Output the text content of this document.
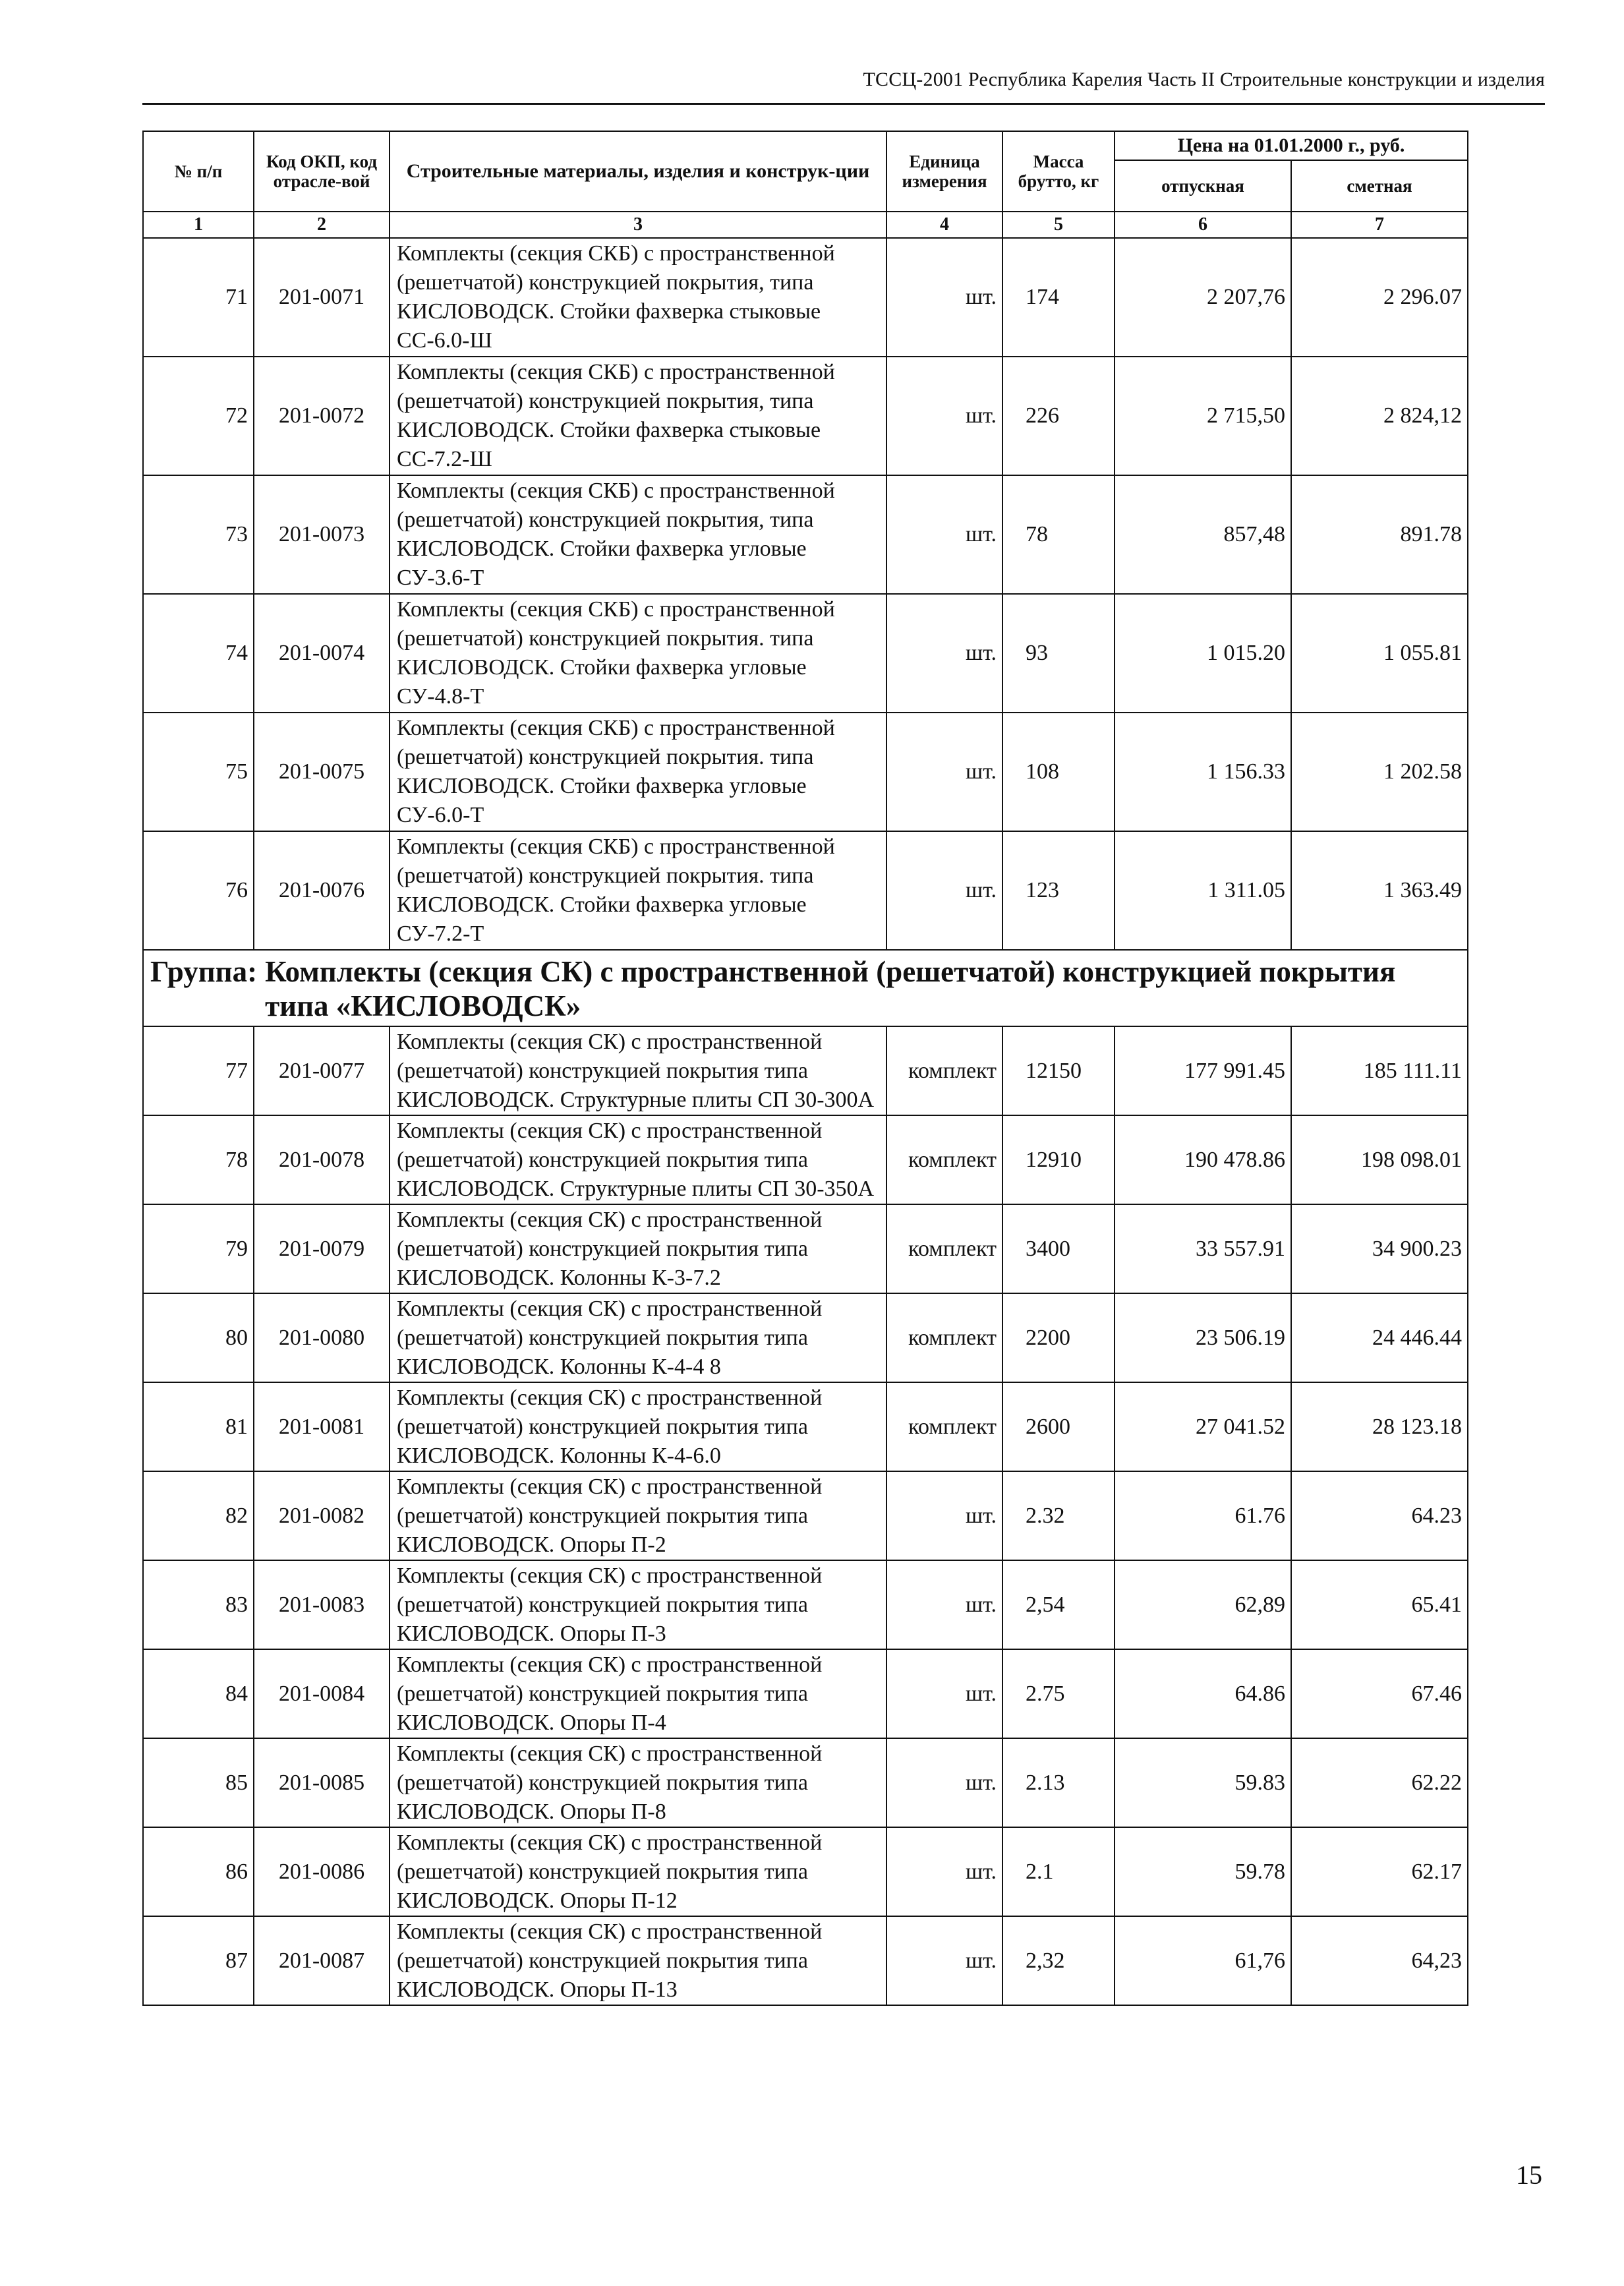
ТССЦ-2001 Республика Карелия Часть II Строительные конструкции и изделия
№ п/п	Код ОКП, код отрасле-вой	Строительные материалы, изделия и конструк-ции	Единица измерения	Масса брутто, кг	Цена на 01.01.2000 г., руб.	
					отпускная	сметная
1	2	3	4	5	6	7
71	201-0071	Комплекты (секция СКБ) с пространственной (решетчатой) конструкцией покрытия, типа КИСЛОВОДСК. Стойки фахверка стыковые СС-6.0-Ш	шт.	174	2 207,76	2 296.07
72	201-0072	Комплекты (секция СКБ) с пространственной (решетчатой) конструкцией покрытия, типа КИСЛОВОДСК. Стойки фахверка стыковые СС-7.2-Ш	шт.	226	2 715,50	2 824,12
73	201-0073	Комплекты (секция СКБ) с пространственной (решетчатой) конструкцией покрытия, типа КИСЛОВОДСК. Стойки фахверка угловые СУ-3.6-Т	шт.	78	857,48	891.78
74	201-0074	Комплекты (секция СКБ) с пространственной (решетчатой) конструкцией покрытия. типа КИСЛОВОДСК. Стойки фахверка угловые СУ-4.8-Т	шт.	93	1 015.20	1 055.81
75	201-0075	Комплекты (секция СКБ) с пространственной (решетчатой) конструкцией покрытия. типа КИСЛОВОДСК. Стойки фахверка угловые СУ-6.0-Т	шт.	108	1 156.33	1 202.58
76	201-0076	Комплекты (секция СКБ) с пространственной (решетчатой) конструкцией покрытия. типа КИСЛОВОДСК. Стойки фахверка угловые СУ-7.2-Т	шт.	123	1 311.05	1 363.49

Группа: Комплекты (секция СК) с пространственной (решетчатой) конструкцией покрытия типа «КИСЛОВОДСК»						

77	201-0077	Комплекты (секция СК) с пространственной (решетчатой) конструкцией покрытия типа КИСЛОВОДСК. Структурные плиты СП 30-300А	комплект	12150	177 991.45	185 111.11
78	201-0078	Комплекты (секция СК) с пространственной (решетчатой) конструкцией покрытия типа КИСЛОВОДСК. Структурные плиты СП 30-350А	комплект	12910	190 478.86	198 098.01
79	201-0079	Комплекты (секция СК) с пространственной (решетчатой) конструкцией покрытия типа КИСЛОВОДСК. Колонны К-3-7.2	комплект	3400	33 557.91	34 900.23
80	201-0080	Комплекты (секция СК) с пространственной (решетчатой) конструкцией покрытия типа КИСЛОВОДСК. Колонны К-4-4 8	комплект	2200	23 506.19	24 446.44
81	201-0081	Комплекты (секция СК) с пространственной (решетчатой) конструкцией покрытия типа КИСЛОВОДСК. Колонны К-4-6.0	комплект	2600	27 041.52	28 123.18
82	201-0082	Комплекты (секция СК) с пространственной (решетчатой) конструкцией покрытия типа КИСЛОВОДСК. Опоры П-2	шт.	2.32	61.76	64.23
83	201-0083	Комплекты (секция СК) с пространственной (решетчатой) конструкцией покрытия типа КИСЛОВОДСК. Опоры П-3	шт.	2,54	62,89	65.41
84	201-0084	Комплекты (секция СК) с пространственной (решетчатой) конструкцией покрытия типа КИСЛОВОДСК. Опоры П-4	шт.	2.75	64.86	67.46
85	201-0085	Комплекты (секция СК) с пространственной (решетчатой) конструкцией покрытия типа КИСЛОВОДСК. Опоры П-8	шт.	2.13	59.83	62.22
86	201-0086	Комплекты (секция СК) с пространственной (решетчатой) конструкцией покрытия типа КИСЛОВОДСК. Опоры П-12	шт.	2.1	59.78	62.17
87	201-0087	Комплекты (секция СК) с пространственной (решетчатой) конструкцией покрытия типа КИСЛОВОДСК. Опоры П-13	шт.	2,32	61,76	64,23
15
